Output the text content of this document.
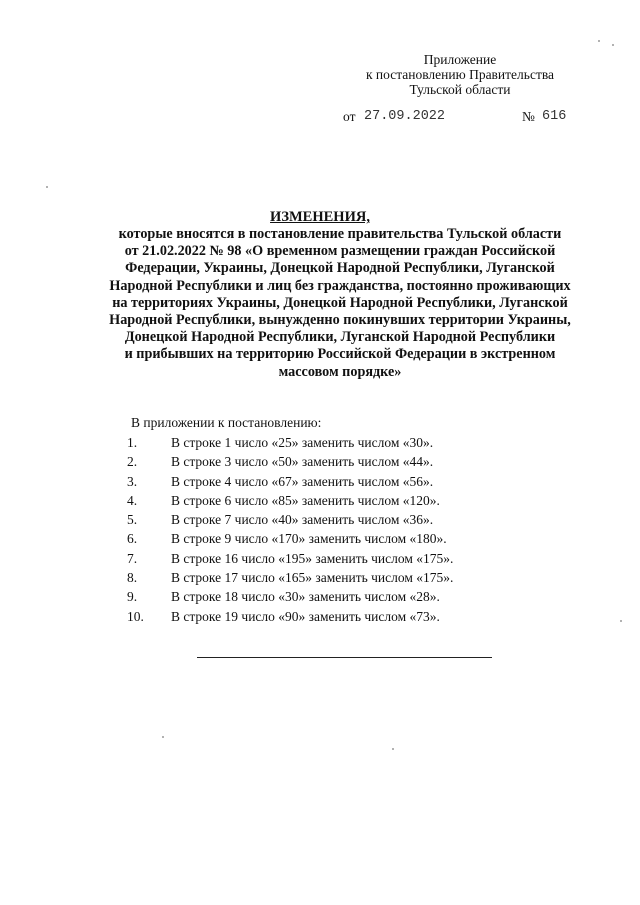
Приложение
к постановлению Правительства
Тульской области
от 27.09.2022	№ 616
ИЗМЕНЕНИЯ,
которые вносятся в постановление правительства Тульской области
от 21.02.2022 № 98 «О временном размещении граждан Российской
Федерации, Украины, Донецкой Народной Республики, Луганской
Народной Республики и лиц без гражданства, постоянно проживающих
на территориях Украины, Донецкой Народной Республики, Луганской
Народной Республики, вынужденно покинувших территории Украины,
Донецкой Народной Республики, Луганской Народной Республики
и прибывших на территорию Российской Федерации в экстренном
массовом порядке»
В приложении к постановлению:
1.	В строке 1 число «25» заменить числом «30».
2.	В строке 3 число «50» заменить числом «44».
3.	В строке 4 число «67» заменить числом «56».
4.	В строке 6 число «85» заменить числом «120».
5.	В строке 7 число «40» заменить числом «36».
6.	В строке 9 число «170» заменить числом «180».
7.	В строке 16 число «195» заменить числом «175».
8.	В строке 17 число «165» заменить числом «175».
9.	В строке 18 число «30» заменить числом «28».
10. В строке 19 число «90» заменить числом «73».
